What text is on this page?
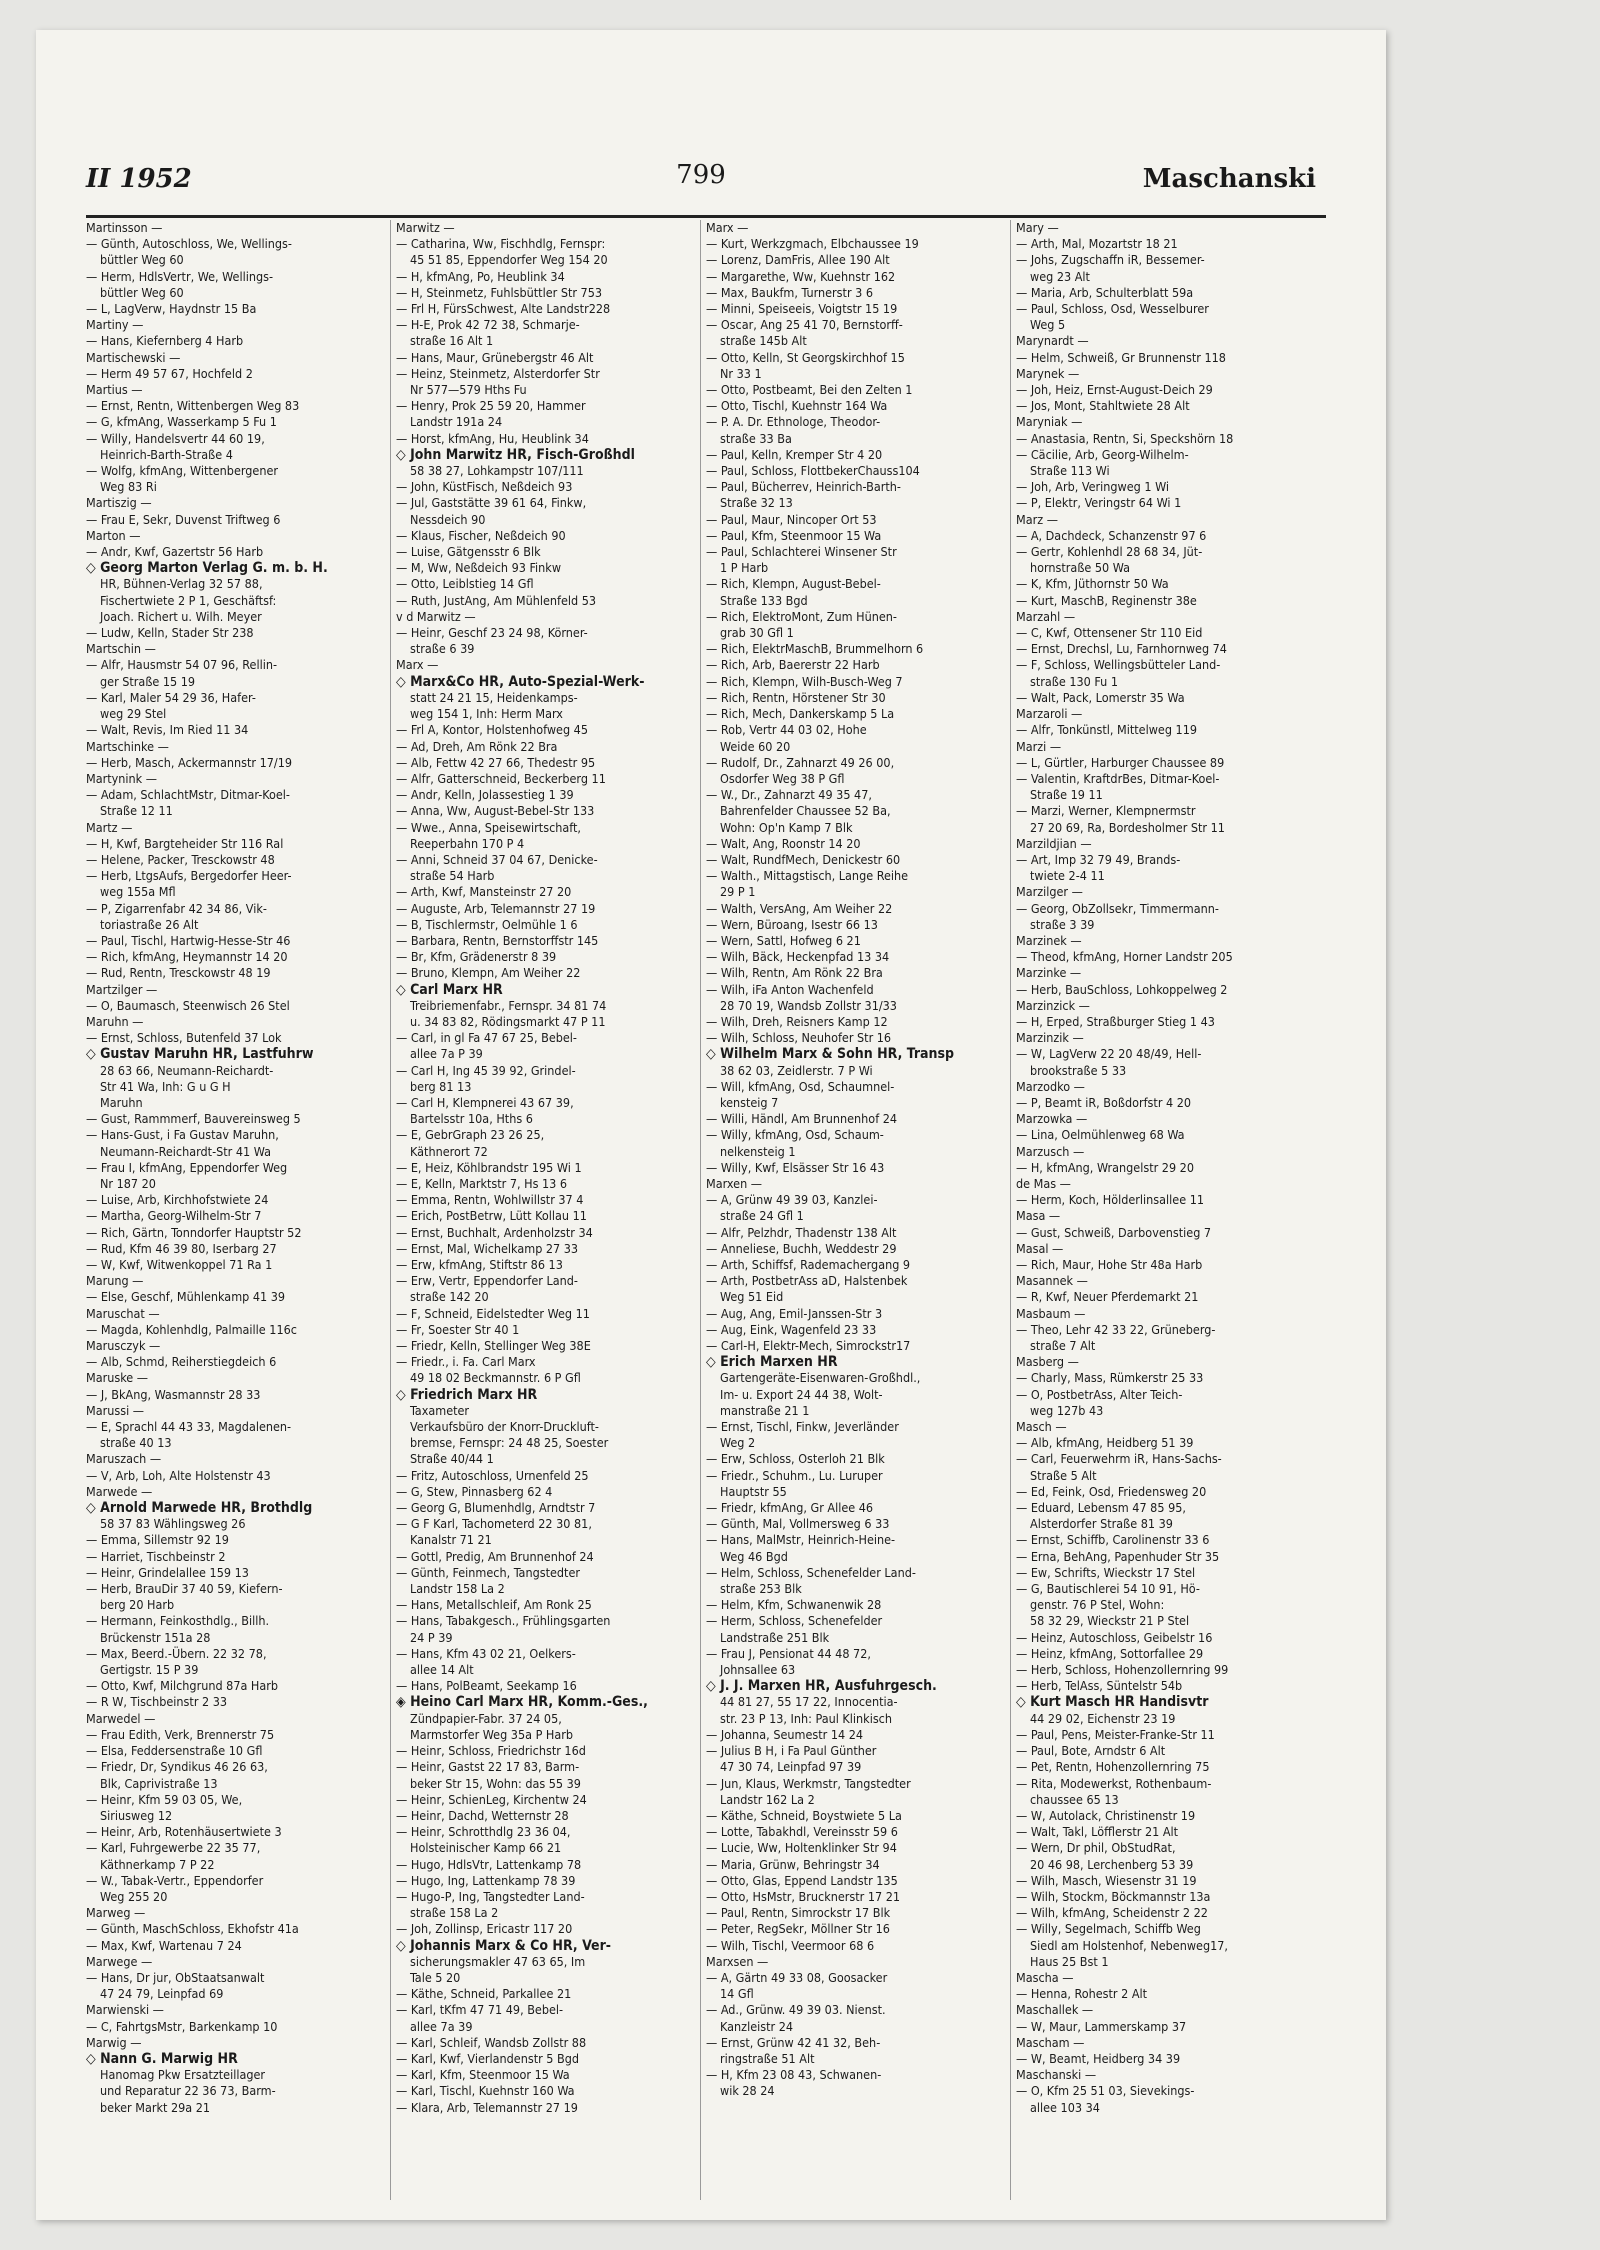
II 1952	799	Maschanski
Martinsson —
— Günth, Autoschloss, We, Wellings-
büttler Weg 60
— Herm, HdlsVertr, We, Wellings-
büttler Weg 60
— L, LagVerw, Haydnstr 15 Ba
Martiny —
— Hans, Kiefernberg 4 Harb
Martischewski —
— Herm 49 57 67, Hochfeld 2
Martius —
— Ernst, Rentn, Wittenbergen Weg 83
— G, kfmAng, Wasserkamp 5 Fu 1
— Willy, Handelsvertr 44 60 19,
Heinrich-Barth-Straße 4
— Wolfg, kfmAng, Wittenbergener
Weg 83 Ri
Martiszig —
— Frau E, Sekr, Duvenst Triftweg 6
Marton —
— Andr, Kwf, Gazertstr 56 Harb
◇ Georg Marton Verlag G. m. b. H.
HR, Bühnen-Verlag 32 57 88,
Fischertwiete 2 P 1, Geschäftsf:
Joach. Richert u. Wilh. Meyer
— Ludw, Kelln, Stader Str 238
Martschin —
— Alfr, Hausmstr 54 07 96, Rellin-
ger Straße 15 19
— Karl, Maler 54 29 36, Hafer-
weg 29 Stel
— Walt, Revis, Im Ried 11 34
Martschinke —
— Herb, Masch, Ackermannstr 17/19
Martynink —
— Adam, SchlachtMstr, Ditmar-Koel-
Straße 12 11
Martz —
— H, Kwf, Bargteheider Str 116 Ral
— Helene, Packer, Tresckowstr 48
— Herb, LtgsAufs, Bergedorfer Heer-
weg 155a Mfl
— P, Zigarrenfabr 42 34 86, Vik-
toriastraße 26 Alt
— Paul, Tischl, Hartwig-Hesse-Str 46
— Rich, kfmAng, Heymannstr 14 20
— Rud, Rentn, Tresckowstr 48 19
Martzilger —
— O, Baumasch, Steenwisch 26 Stel
Maruhn —
— Ernst, Schloss, Butenfeld 37 Lok
◇ Gustav Maruhn HR, Lastfuhrw
28 63 66, Neumann-Reichardt-
Str 41 Wa, Inh: G u G H
Maruhn
— Gust, Rammmerf, Bauvereinsweg 5
— Hans-Gust, i Fa Gustav Maruhn,
Neumann-Reichardt-Str 41 Wa
— Frau I, kfmAng, Eppendorfer Weg
Nr 187 20
— Luise, Arb, Kirchhofstwiete 24
— Martha, Georg-Wilhelm-Str 7
— Rich, Gärtn, Tonndorfer Hauptstr 52
— Rud, Kfm 46 39 80, Iserbarg 27
— W, Kwf, Witwenkoppel 71 Ra 1
Marung —
— Else, Geschf, Mühlenkamp 41 39
Maruschat —
— Magda, Kohlenhdlg, Palmaille 116c
Marusczyk —
— Alb, Schmd, Reiherstiegdeich 6
Maruske —
— J, BkAng, Wasmannstr 28 33
Marussi —
— E, Sprachl 44 43 33, Magdalenen-
straße 40 13
Maruszach —
— V, Arb, Loh, Alte Holstenstr 43
Marwede —
◇ Arnold Marwede HR, Brothdlg
58 37 83 Wählingsweg 26
— Emma, Sillemstr 92 19
— Harriet, Tischbeinstr 2
— Heinr, Grindelallee 159 13
— Herb, BrauDir 37 40 59, Kiefern-
berg 20 Harb
— Hermann, Feinkosthdlg., Billh.
Brückenstr 151a 28
— Max, Beerd.-Übern. 22 32 78,
Gertigstr. 15 P 39
— Otto, Kwf, Milchgrund 87a Harb
— R W, Tischbeinstr 2 33
Marwedel —
— Frau Edith, Verk, Brennerstr 75
— Elsa, Feddersenstraße 10 Gfl
— Friedr, Dr, Syndikus 46 26 63,
Blk, Caprivistraße 13
— Heinr, Kfm 59 03 05, We,
Siriusweg 12
— Heinr, Arb, Rotenhäusertwiete 3
— Karl, Fuhrgewerbe 22 35 77,
Käthnerkamp 7 P 22
— W., Tabak-Vertr., Eppendorfer
Weg 255 20
Marweg —
— Günth, MaschSchloss, Ekhofstr 41a
— Max, Kwf, Wartenau 7 24
Marwege —
— Hans, Dr jur, ObStaatsanwalt
47 24 79, Leinpfad 69
Marwienski —
— C, FahrtgsMstr, Barkenkamp 10
Marwig —
◇ Nann G. Marwig HR
Hanomag Pkw Ersatzteillager
und Reparatur 22 36 73, Barm-
beker Markt 29a 21
Marwitz —
— Catharina, Ww, Fischhdlg, Fernspr:
45 51 85, Eppendorfer Weg 154 20
— H, kfmAng, Po, Heublink 34
— H, Steinmetz, Fuhlsbüttler Str 753
— Frl H, FürsSchwest, Alte Landstr228
— H-E, Prok 42 72 38, Schmarje-
straße 16 Alt 1
— Hans, Maur, Grünebergstr 46 Alt
— Heinz, Steinmetz, Alsterdorfer Str
Nr 577—579 Hths Fu
— Henry, Prok 25 59 20, Hammer
Landstr 191a 24
— Horst, kfmAng, Hu, Heublink 34
◇ John Marwitz HR, Fisch-Großhdl
58 38 27, Lohkampstr 107/111
— John, KüstFisch, Neßdeich 93
— Jul, Gaststätte 39 61 64, Finkw,
Nessdeich 90
— Klaus, Fischer, Neßdeich 90
— Luise, Gätgensstr 6 Blk
— M, Ww, Neßdeich 93 Finkw
— Otto, Leiblstieg 14 Gfl
— Ruth, JustAng, Am Mühlenfeld 53
v d Marwitz —
— Heinr, Geschf 23 24 98, Körner-
straße 6 39
Marx —
◇ Marx&Co HR, Auto-Spezial-Werk-
statt 24 21 15, Heidenkamps-
weg 154 1, Inh: Herm Marx
— Frl A, Kontor, Holstenhofweg 45
— Ad, Dreh, Am Rönk 22 Bra
— Alb, Fettw 42 27 66, Thedestr 95
— Alfr, Gatterschneid, Beckerberg 11
— Andr, Kelln, Jolassestieg 1 39
— Anna, Ww, August-Bebel-Str 133
— Wwe., Anna, Speisewirtschaft,
Reeperbahn 170 P 4
— Anni, Schneid 37 04 67, Denicke-
straße 54 Harb
— Arth, Kwf, Mansteinstr 27 20
— Auguste, Arb, Telemannstr 27 19
— B, Tischlermstr, Oelmühle 1 6
— Barbara, Rentn, Bernstorffstr 145
— Br, Kfm, Grädenerstr 8 39
— Bruno, Klempn, Am Weiher 22
◇ Carl Marx HR
Treibriemenfabr., Fernspr. 34 81 74
u. 34 83 82, Rödingsmarkt 47 P 11
— Carl, in gl Fa 47 67 25, Bebel-
allee 7a P 39
— Carl H, Ing 45 39 92, Grindel-
berg 81 13
— Carl H, Klempnerei 43 67 39,
Bartelsstr 10a, Hths 6
— E, GebrGraph 23 26 25,
Käthnerort 72
— E, Heiz, Köhlbrandstr 195 Wi 1
— E, Kelln, Marktstr 7, Hs 13 6
— Emma, Rentn, Wohlwillstr 37 4
— Erich, PostBetrw, Lütt Kollau 11
— Ernst, Buchhalt, Ardenholzstr 34
— Ernst, Mal, Wichelkamp 27 33
— Erw, kfmAng, Stiftstr 86 13
— Erw, Vertr, Eppendorfer Land-
straße 142 20
— F, Schneid, Eidelstedter Weg 11
— Fr, Soester Str 40 1
— Friedr, Kelln, Stellinger Weg 38E
— Friedr., i. Fa. Carl Marx
49 18 02 Beckmannstr. 6 P Gfl
◇ Friedrich Marx HR
Taxameter
Verkaufsbüro der Knorr-Druckluft-
bremse, Fernspr: 24 48 25, Soester
Straße 40/44 1
— Fritz, Autoschloss, Urnenfeld 25
— G, Stew, Pinnasberg 62 4
— Georg G, Blumenhdlg, Arndtstr 7
— G F Karl, Tachometerd 22 30 81,
Kanalstr 71 21
— Gottl, Predig, Am Brunnenhof 24
— Günth, Feinmech, Tangstedter
Landstr 158 La 2
— Hans, Metallschleif, Am Ronk 25
— Hans, Tabakgesch., Frühlingsgarten
24 P 39
— Hans, Kfm 43 02 21, Oelkers-
allee 14 Alt
— Hans, PolBeamt, Seekamp 16
◈ Heino Carl Marx HR, Komm.-Ges.,
Zündpapier-Fabr. 37 24 05,
Marmstorfer Weg 35a P Harb
— Heinr, Schloss, Friedrichstr 16d
— Heinr, Gastst 22 17 83, Barm-
beker Str 15, Wohn: das 55 39
— Heinr, SchienLeg, Kirchentw 24
— Heinr, Dachd, Wetternstr 28
— Heinr, Schrotthdlg 23 36 04,
Holsteinischer Kamp 66 21
— Hugo, HdlsVtr, Lattenkamp 78
— Hugo, Ing, Lattenkamp 78 39
— Hugo-P, Ing, Tangstedter Land-
straße 158 La 2
— Joh, Zollinsp, Ericastr 117 20
◇ Johannis Marx & Co HR, Ver-
sicherungsmakler 47 63 65, Im
Tale 5 20
— Käthe, Schneid, Parkallee 21
— Karl, tKfm 47 71 49, Bebel-
allee 7a 39
— Karl, Schleif, Wandsb Zollstr 88
— Karl, Kwf, Vierlandenstr 5 Bgd
— Karl, Kfm, Steenmoor 15 Wa
— Karl, Tischl, Kuehnstr 160 Wa
— Klara, Arb, Telemannstr 27 19
Marx —
— Kurt, Werkzgmach, Elbchaussee 19
— Lorenz, DamFris, Allee 190 Alt
— Margarethe, Ww, Kuehnstr 162
— Max, Baukfm, Turnerstr 3 6
— Minni, Speiseeis, Voigtstr 15 19
— Oscar, Ang 25 41 70, Bernstorff-
straße 145b Alt
— Otto, Kelln, St Georgskirchhof 15
Nr 33 1
— Otto, Postbeamt, Bei den Zelten 1
— Otto, Tischl, Kuehnstr 164 Wa
— P. A. Dr. Ethnologe, Theodor-
straße 33 Ba
— Paul, Kelln, Kremper Str 4 20
— Paul, Schloss, FlottbekerChauss104
— Paul, Bücherrev, Heinrich-Barth-
Straße 32 13
— Paul, Maur, Nincoper Ort 53
— Paul, Kfm, Steenmoor 15 Wa
— Paul, Schlachterei Winsener Str
1 P Harb
— Rich, Klempn, August-Bebel-
Straße 133 Bgd
— Rich, ElektroMont, Zum Hünen-
grab 30 Gfl 1
— Rich, ElektrMaschB, Brummelhorn 6
— Rich, Arb, Baererstr 22 Harb
— Rich, Klempn, Wilh-Busch-Weg 7
— Rich, Rentn, Hörstener Str 30
— Rich, Mech, Dankerskamp 5 La
— Rob, Vertr 44 03 02, Hohe
Weide 60 20
— Rudolf, Dr., Zahnarzt 49 26 00,
Osdorfer Weg 38 P Gfl
— W., Dr., Zahnarzt 49 35 47,
Bahrenfelder Chaussee 52 Ba,
Wohn: Op'n Kamp 7 Blk
— Walt, Ang, Roonstr 14 20
— Walt, RundfMech, Denickestr 60
— Walth., Mittagstisch, Lange Reihe
29 P 1
— Walth, VersAng, Am Weiher 22
— Wern, Büroang, Isestr 66 13
— Wern, Sattl, Hofweg 6 21
— Wilh, Bäck, Heckenpfad 13 34
— Wilh, Rentn, Am Rönk 22 Bra
— Wilh, iFa Anton Wachenfeld
28 70 19, Wandsb Zollstr 31/33
— Wilh, Dreh, Reisners Kamp 12
— Wilh, Schloss, Neuhofer Str 16
◇ Wilhelm Marx & Sohn HR, Transp
38 62 03, Zeidlerstr. 7 P Wi
— Will, kfmAng, Osd, Schaumnel-
kensteig 7
— Willi, Händl, Am Brunnenhof 24
— Willy, kfmAng, Osd, Schaum-
nelkensteig 1
— Willy, Kwf, Elsässer Str 16 43
Marxen —
— A, Grünw 49 39 03, Kanzlei-
straße 24 Gfl 1
— Alfr, Pelzhdr, Thadenstr 138 Alt
— Anneliese, Buchh, Weddestr 29
— Arth, Schiffsf, Rademachergang 9
— Arth, PostbetrAss aD, Halstenbek
Weg 51 Eid
— Aug, Ang, Emil-Janssen-Str 3
— Aug, Eink, Wagenfeld 23 33
— Carl-H, Elektr-Mech, Simrockstr17
◇ Erich Marxen HR
Gartengeräte-Eisenwaren-Großhdl.,
Im- u. Export 24 44 38, Wolt-
manstraße 21 1
— Ernst, Tischl, Finkw, Jeverländer
Weg 2
— Erw, Schloss, Osterloh 21 Blk
— Friedr., Schuhm., Lu. Luruper
Hauptstr 55
— Friedr, kfmAng, Gr Allee 46
— Günth, Mal, Vollmersweg 6 33
— Hans, MalMstr, Heinrich-Heine-
Weg 46 Bgd
— Helm, Schloss, Schenefelder Land-
straße 253 Blk
— Helm, Kfm, Schwanenwik 28
— Herm, Schloss, Schenefelder
Landstraße 251 Blk
— Frau J, Pensionat 44 48 72,
Johnsallee 63
◇ J. J. Marxen HR, Ausfuhrgesch.
44 81 27, 55 17 22, Innocentia-
str. 23 P 13, Inh: Paul Klinkisch
— Johanna, Seumestr 14 24
— Julius B H, i Fa Paul Günther
47 30 74, Leinpfad 97 39
— Jun, Klaus, Werkmstr, Tangstedter
Landstr 162 La 2
— Käthe, Schneid, Boystwiete 5 La
— Lotte, Tabakhdl, Vereinsstr 59 6
— Lucie, Ww, Holtenklinker Str 94
— Maria, Grünw, Behringstr 34
— Otto, Glas, Eppend Landstr 135
— Otto, HsMstr, Brucknerstr 17 21
— Paul, Rentn, Simrockstr 17 Blk
— Peter, RegSekr, Möllner Str 16
— Wilh, Tischl, Veermoor 68 6
Marxsen —
— A, Gärtn 49 33 08, Goosacker
14 Gfl
— Ad., Grünw. 49 39 03. Nienst.
Kanzleistr 24
— Ernst, Grünw 42 41 32, Beh-
ringstraße 51 Alt
— H, Kfm 23 08 43, Schwanen-
wik 28 24
Mary —
— Arth, Mal, Mozartstr 18 21
— Johs, Zugschaffn iR, Bessemer-
weg 23 Alt
— Maria, Arb, Schulterblatt 59a
— Paul, Schloss, Osd, Wesselburer
Weg 5
Marynardt —
— Helm, Schweiß, Gr Brunnenstr 118
Marynek —
— Joh, Heiz, Ernst-August-Deich 29
— Jos, Mont, Stahltwiete 28 Alt
Maryniak —
— Anastasia, Rentn, Si, Speckshörn 18
— Cäcilie, Arb, Georg-Wilhelm-
Straße 113 Wi
— Joh, Arb, Veringweg 1 Wi
— P, Elektr, Veringstr 64 Wi 1
Marz —
— A, Dachdeck, Schanzenstr 97 6
— Gertr, Kohlenhdl 28 68 34, Jüt-
hornstraße 50 Wa
— K, Kfm, Jüthornstr 50 Wa
— Kurt, MaschB, Reginenstr 38e
Marzahl —
— C, Kwf, Ottensener Str 110 Eid
— Ernst, Drechsl, Lu, Farnhornweg 74
— F, Schloss, Wellingsbütteler Land-
straße 130 Fu 1
— Walt, Pack, Lomerstr 35 Wa
Marzaroli —
— Alfr, Tonkünstl, Mittelweg 119
Marzi —
— L, Gürtler, Harburger Chaussee 89
— Valentin, KraftdrBes, Ditmar-Koel-
Straße 19 11
— Marzi, Werner, Klempnermstr
27 20 69, Ra, Bordesholmer Str 11
Marzildjian —
— Art, Imp 32 79 49, Brands-
twiete 2-4 11
Marzilger —
— Georg, ObZollsekr, Timmermann-
straße 3 39
Marzinek —
— Theod, kfmAng, Horner Landstr 205
Marzinke —
— Herb, BauSchloss, Lohkoppelweg 2
Marzinzick —
— H, Erped, Straßburger Stieg 1 43
Marzinzik —
— W, LagVerw 22 20 48/49, Hell-
brookstraße 5 33
Marzodko —
— P, Beamt iR, Boßdorfstr 4 20
Marzowka —
— Lina, Oelmühlenweg 68 Wa
Marzusch —
— H, kfmAng, Wrangelstr 29 20
de Mas —
— Herm, Koch, Hölderlinsallee 11
Masa —
— Gust, Schweiß, Darbovenstieg 7
Masal —
— Rich, Maur, Hohe Str 48a Harb
Masannek —
— R, Kwf, Neuer Pferdemarkt 21
Masbaum —
— Theo, Lehr 42 33 22, Grüneberg-
straße 7 Alt
Masberg —
— Charly, Mass, Rümkerstr 25 33
— O, PostbetrAss, Alter Teich-
weg 127b 43
Masch —
— Alb, kfmAng, Heidberg 51 39
— Carl, Feuerwehrm iR, Hans-Sachs-
Straße 5 Alt
— Ed, Feink, Osd, Friedensweg 20
— Eduard, Lebensm 47 85 95,
Alsterdorfer Straße 81 39
— Ernst, Schiffb, Carolinenstr 33 6
— Erna, BehAng, Papenhuder Str 35
— Ew, Schrifts, Wieckstr 17 Stel
— G, Bautischlerei 54 10 91, Hö-
genstr. 76 P Stel, Wohn:
58 32 29, Wieckstr 21 P Stel
— Heinz, Autoschloss, Geibelstr 16
— Heinz, kfmAng, Sottorfallee 29
— Herb, Schloss, Hohenzollernring 99
— Herb, TelAss, Süntelstr 54b
◇ Kurt Masch HR Handisvtr
44 29 02, Eichenstr 23 19
— Paul, Pens, Meister-Franke-Str 11
— Paul, Bote, Arndstr 6 Alt
— Pet, Rentn, Hohenzollernring 75
— Rita, Modewerkst, Rothenbaum-
chaussee 65 13
— W, Autolack, Christinenstr 19
— Walt, Takl, Löfflerstr 21 Alt
— Wern, Dr phil, ObStudRat,
20 46 98, Lerchenberg 53 39
— Wilh, Masch, Wiesenstr 31 19
— Wilh, Stockm, Böckmannstr 13a
— Wilh, kfmAng, Scheidenstr 2 22
— Willy, Segelmach, Schiffb Weg
Siedl am Holstenhof, Nebenweg17,
Haus 25 Bst 1
Mascha —
— Henna, Rohestr 2 Alt
Maschallek —
— W, Maur, Lammerskamp 37
Mascham —
— W, Beamt, Heidberg 34 39
Maschanski —
— O, Kfm 25 51 03, Sievekings-
allee 103 34
